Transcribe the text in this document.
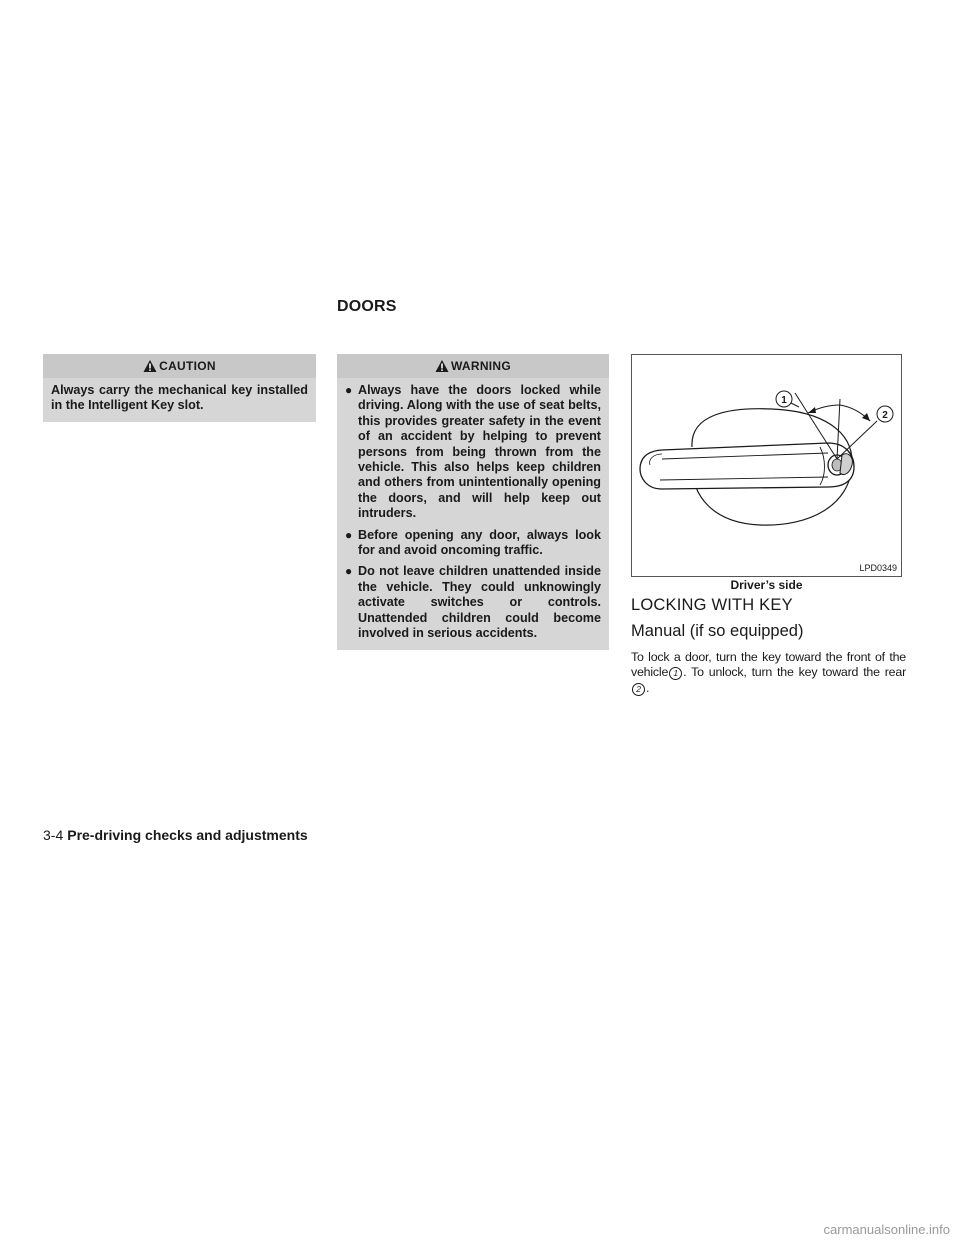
DOORS
CAUTION
Always carry the mechanical key installed in the Intelligent Key slot.
WARNING
● Always have the doors locked while driving. Along with the use of seat belts, this provides greater safety in the event of an accident by helping to prevent persons from being thrown from the vehicle. This also helps keep children and others from unintentionally opening the doors, and will help keep out intruders.
● Before opening any door, always look for and avoid oncoming traffic.
● Do not leave children unattended inside the vehicle. They could unknowingly activate switches or controls. Unattended children could become involved in serious accidents.
1
2
LPD0349
Driver’s side
LOCKING WITH KEY
Manual (if so equipped)
To lock a door, turn the key toward the front of the vehicle 1 . To unlock, turn the key toward the rear 2 .
3-4 Pre-driving checks and adjustments
carmanualsonline.info
